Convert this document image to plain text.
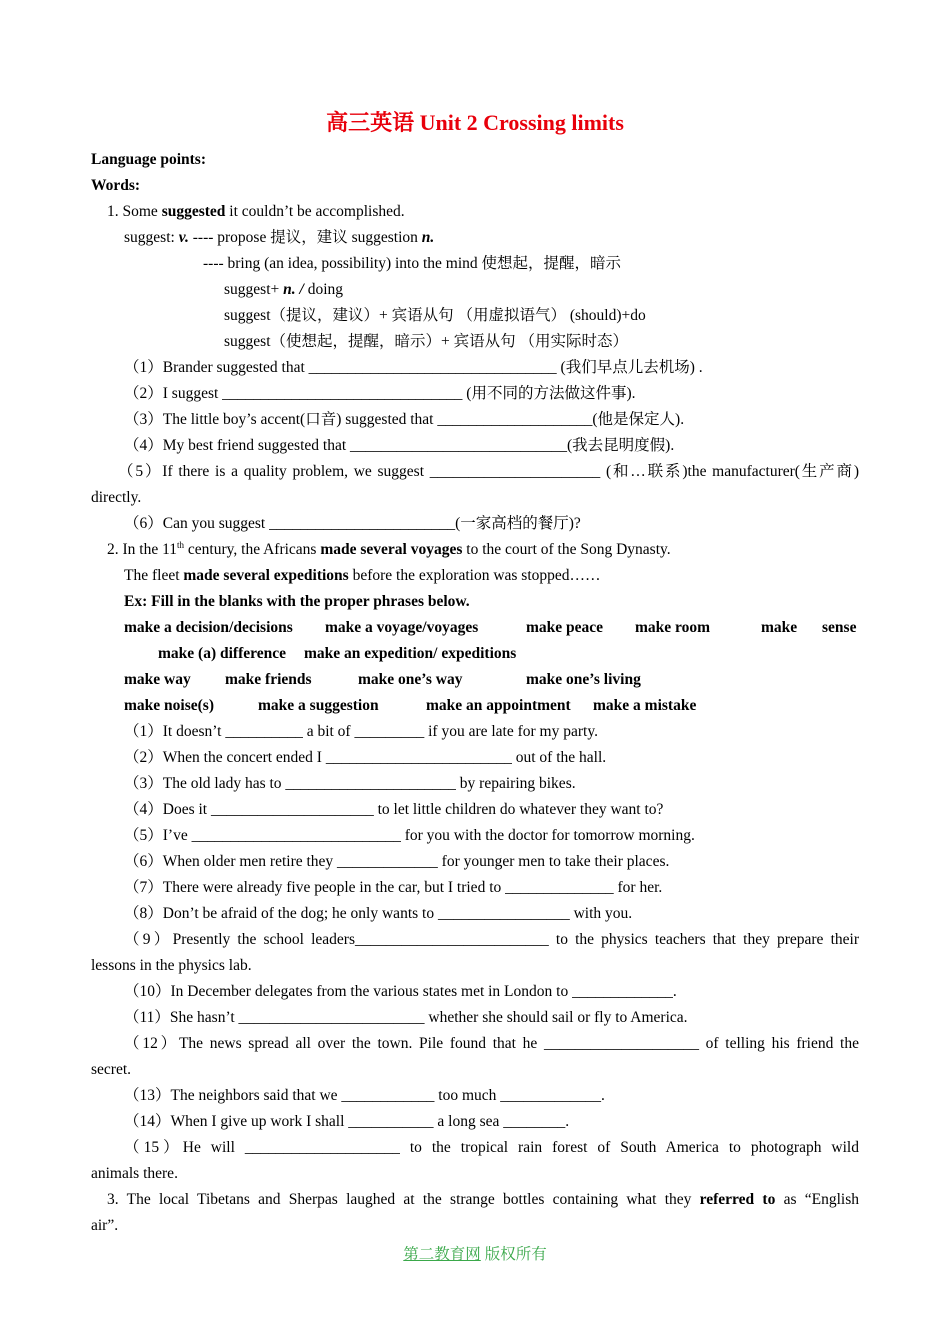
高三英语 Unit 2 Crossing limits
Language points:
Words:
1. Some suggested it couldn’t be accomplished.
suggest: v. ---- propose 提议，建议 suggestion n.
---- bring (an idea, possibility) into the mind 使想起，提醒，暗示
suggest+ n. / doing
suggest（提议，建议）+ 宾语从句 （用虚拟语气） (should)+do
suggest（使想起，提醒，暗示）+ 宾语从句 （用实际时态）
（1）Brander suggested that ________________________________ (我们早点儿去机场) .
（2）I suggest _______________________________ (用不同的方法做这件事).
（3）The little boy’s accent(口音) suggested that ____________________(他是保定人).
（4）My best friend suggested that ____________________________(我去昆明度假).
（5）If there is a quality problem, we suggest ______________________ (和…联系)the manufacturer(生产商)
directly.
（6）Can you suggest ________________________(一家高档的餐厅)?
2. In the 11th century, the Africans made several voyages to the court of the Song Dynasty.
The fleet made several expeditions before the exploration was stopped……
Ex: Fill in the blanks with the proper phrases below.
make a decision/decisions make a voyage/voyages	make peace make room	make sense
make (a) difference make an expedition/ expeditions
make way make friends	make one’s way	make one’s living
make noise(s)	make a suggestion	make an appointment make a mistake
（1）It doesn’t __________ a bit of _________ if you are late for my party.
（2）When the concert ended I ________________________ out of the hall.
（3）The old lady has to ______________________ by repairing bikes.
（4）Does it _____________________ to let little children do whatever they want to?
（5）I’ve ___________________________ for you with the doctor for tomorrow morning.
（6）When older men retire they _____________ for younger men to take their places.
（7）There were already five people in the car, but I tried to ______________ for her.
（8）Don’t be afraid of the dog; he only wants to _________________ with you.
（9）Presently the school leaders_________________________ to the physics teachers that they prepare their
lessons in the physics lab.
（10）In December delegates from the various states met in London to _____________.
（11）She hasn’t ________________________ whether she should sail or fly to America.
（12）The news spread all over the town. Pile found that he ____________________ of telling his friend the
secret.
（13）The neighbors said that we ____________ too much _____________.
（14）When I give up work I shall ___________ a long sea ________.
（15）He will ____________________ to the tropical rain forest of South America to photograph wild
animals there.
3. The local Tibetans and Sherpas laughed at the strange bottles containing what they referred to as “English
air”.
第二教育网 版权所有
